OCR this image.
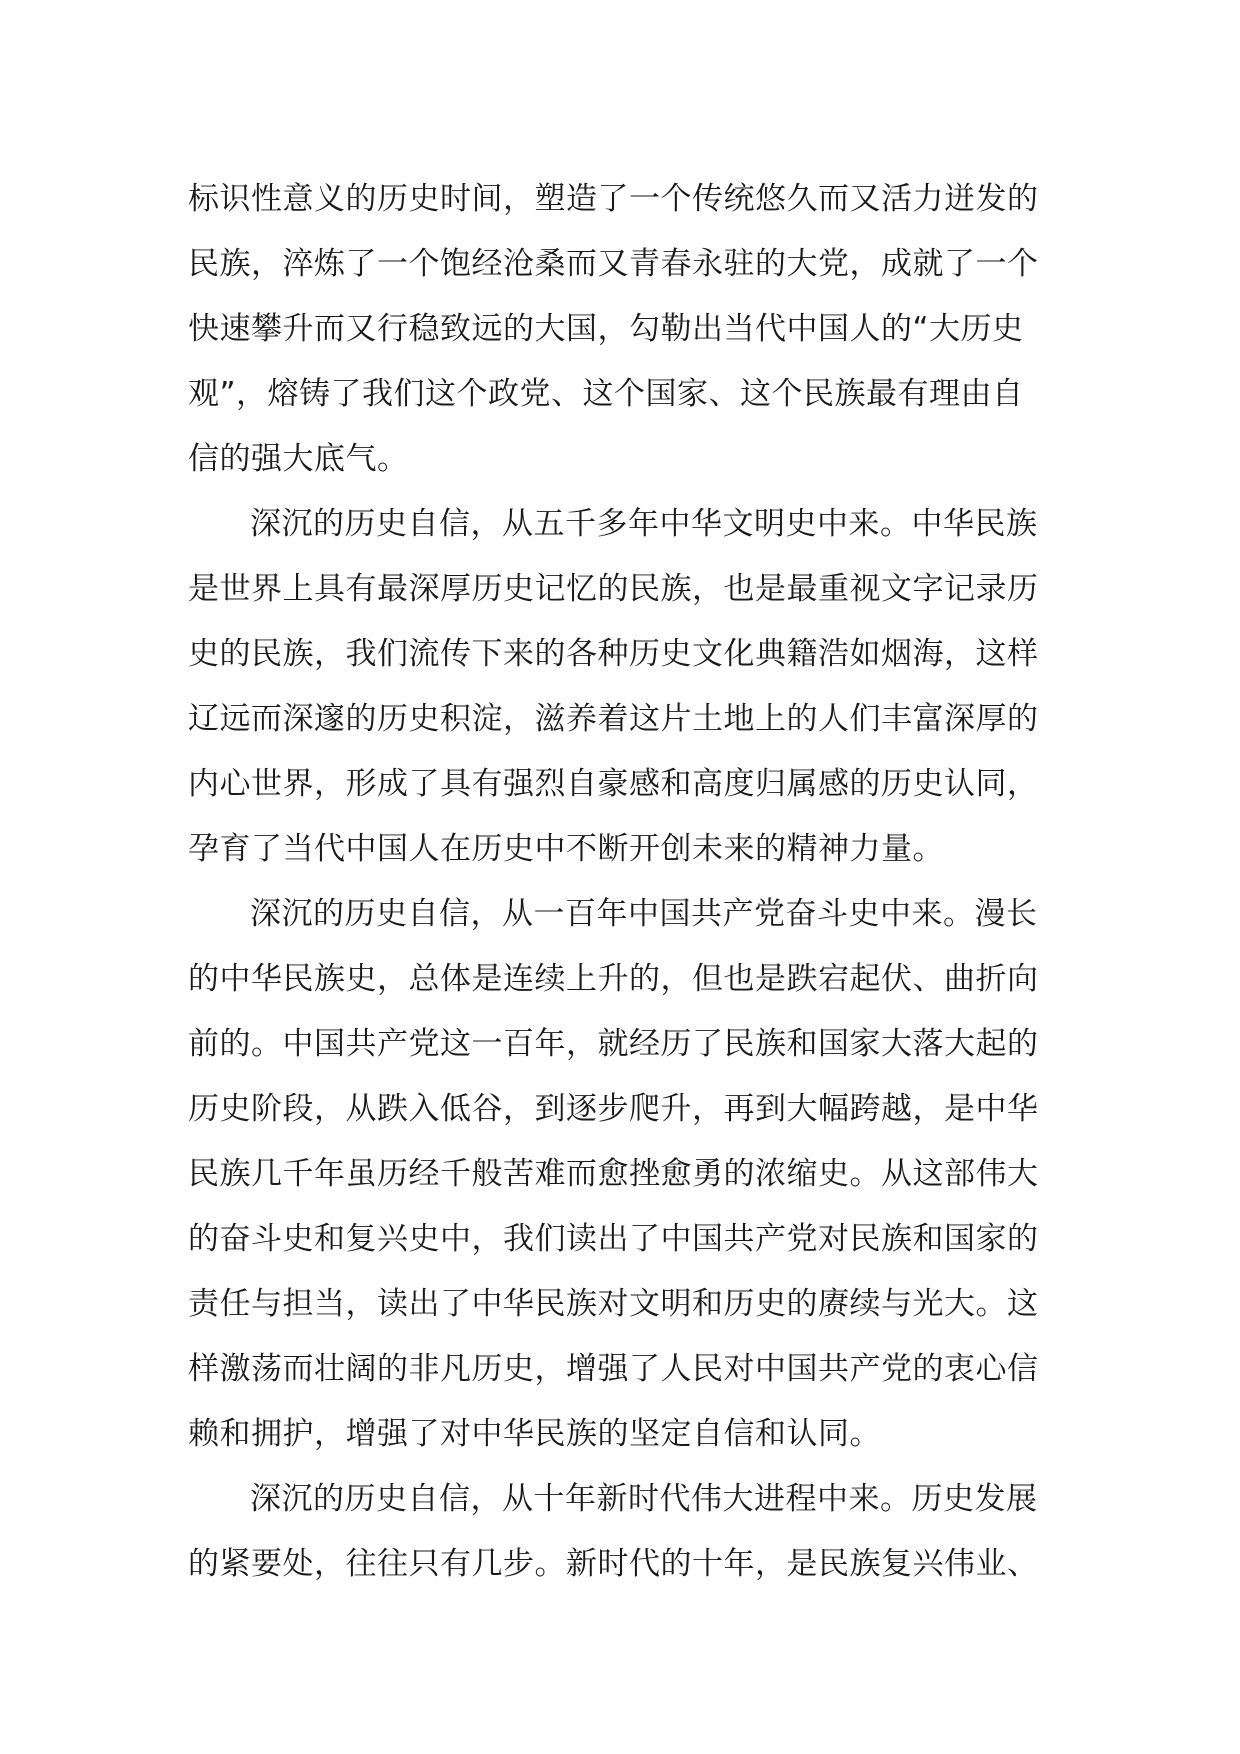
标识性意义的历史时间，塑造了一个传统悠久而又活力迸发的
民族，淬炼了一个饱经沧桑而又青春永驻的大党，成就了一个
快速攀升而又行稳致远的大国，勾勒出当代中国人的“大历史
观”，熔铸了我们这个政党、这个国家、这个民族最有理由自
信的强大底气。
深沉的历史自信，从五千多年中华文明史中来。中华民族
是世界上具有最深厚历史记忆的民族，也是最重视文字记录历
史的民族，我们流传下来的各种历史文化典籍浩如烟海，这样
辽远而深邃的历史积淀，滋养着这片土地上的人们丰富深厚的
内心世界，形成了具有强烈自豪感和高度归属感的历史认同，
孕育了当代中国人在历史中不断开创未来的精神力量。
深沉的历史自信，从一百年中国共产党奋斗史中来。漫长
的中华民族史，总体是连续上升的，但也是跌宕起伏、曲折向
前的。中国共产党这一百年，就经历了民族和国家大落大起的
历史阶段，从跌入低谷，到逐步爬升，再到大幅跨越，是中华
民族几千年虽历经千般苦难而愈挫愈勇的浓缩史。从这部伟大
的奋斗史和复兴史中，我们读出了中国共产党对民族和国家的
责任与担当，读出了中华民族对文明和历史的赓续与光大。这
样激荡而壮阔的非凡历史，增强了人民对中国共产党的衷心信
赖和拥护，增强了对中华民族的坚定自信和认同。
深沉的历史自信，从十年新时代伟大进程中来。历史发展
的紧要处，往往只有几步。新时代的十年，是民族复兴伟业、
